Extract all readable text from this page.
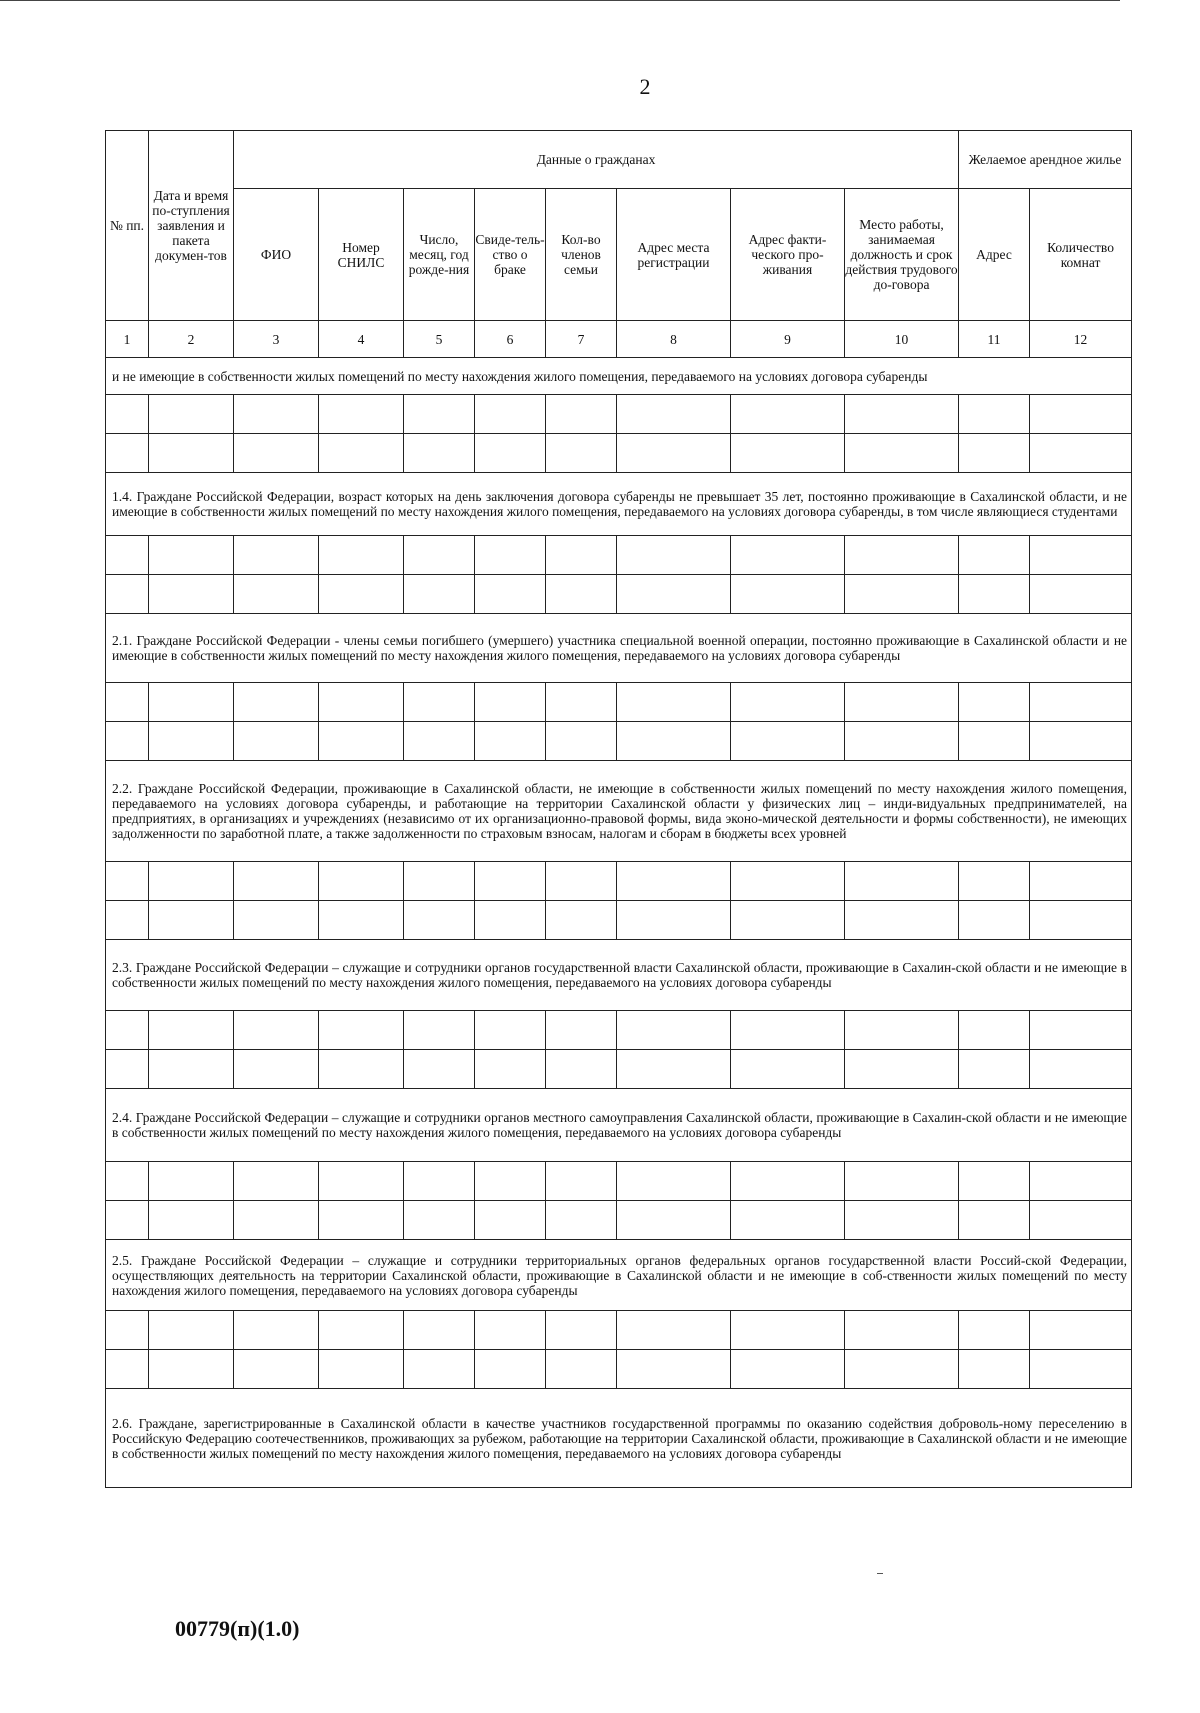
2
№ пп.	Дата и время по-ступления заявления и пакета докумен-тов	Данные о гражданах								Желаемое арендное жилье	
		ФИО	Номер СНИЛС	Число, месяц, год рожде-ния	Свиде-тель-ство о браке	Кол-во членов семьи	Адрес места регистрации	Адрес факти-ческого про-живания	Место работы, занимаемая должность и срок действия трудового до-говора	Адрес	Количество комнат
1	2	3	4	5	6	7	8	9	10	11	12
и не имеющие в собственности жилых помещений по месту нахождения жилого помещения, передаваемого на условиях договора субаренды											

1.4. Граждане Российской Федерации, возраст которых на день заключения договора субаренды не превышает 35 лет, постоянно проживающие в Сахалинской области, и не имеющие в собственности жилых помещений по месту нахождения жилого помещения, передаваемого на условиях договора субаренды, в том числе являющиеся студентами											

2.1. Граждане Российской Федерации - члены семьи погибшего (умершего) участника специальной военной операции, постоянно проживающие в Сахалинской области и не имеющие в собственности жилых помещений по месту нахождения жилого помещения, передаваемого на условиях договора субаренды											

2.2. Граждане Российской Федерации, проживающие в Сахалинской области, не имеющие в собственности жилых помещений по месту нахождения жилого помещения, передаваемого на условиях договора субаренды, и работающие на территории Сахалинской области у физических лиц – инди-видуальных предпринимателей, на предприятиях, в организациях и учреждениях (независимо от их организационно-правовой формы, вида эконо-мической деятельности и формы собственности), не имеющих задолженности по заработной плате, а также задолженности по страховым взносам, налогам и сборам в бюджеты всех уровней											

2.3. Граждане Российской Федерации – служащие и сотрудники органов государственной власти Сахалинской области, проживающие в Сахалин-ской области и не имеющие в собственности жилых помещений по месту нахождения жилого помещения, передаваемого на условиях договора субаренды											

2.4. Граждане Российской Федерации – служащие и сотрудники органов местного самоуправления Сахалинской области, проживающие в Сахалин-ской области и не имеющие в собственности жилых помещений по месту нахождения жилого помещения, передаваемого на условиях договора субаренды											

2.5. Граждане Российской Федерации – служащие и сотрудники территориальных органов федеральных органов государственной власти Россий-ской Федерации, осуществляющих деятельность на территории Сахалинской области, проживающие в Сахалинской области и не имеющие в соб-ственности жилых помещений по месту нахождения жилого помещения, передаваемого на условиях договора субаренды											

2.6. Граждане, зарегистрированные в Сахалинской области в качестве участников государственной программы по оказанию содействия доброволь-ному переселению в Российскую Федерацию соотечественников, проживающих за рубежом, работающие на территории Сахалинской области, проживающие в Сахалинской области и не имеющие в собственности жилых помещений по месту нахождения жилого помещения, передаваемого на условиях договора субаренды											
00779(п)(1.0)
